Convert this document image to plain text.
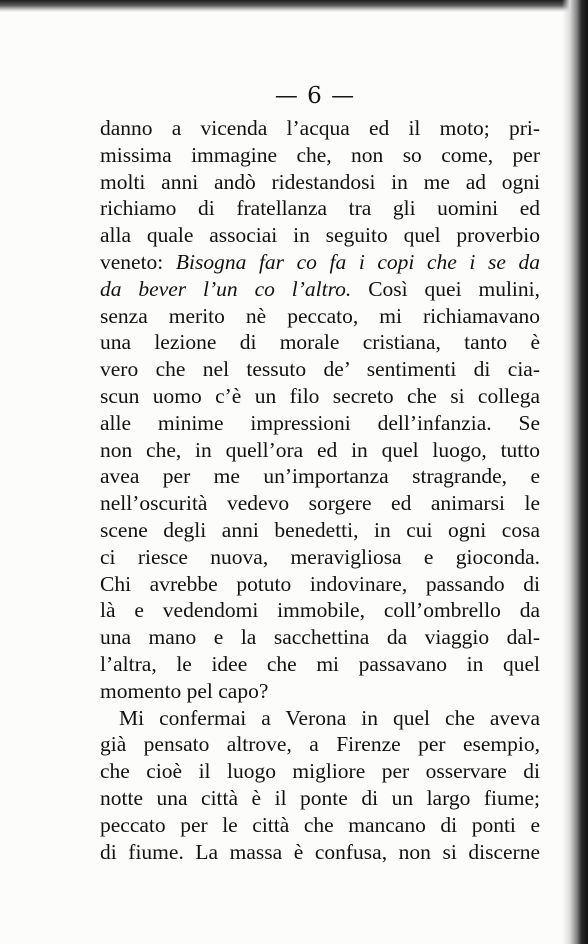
— 6 —
danno a vicenda l’acqua ed il moto; pri-
missima immagine che, non so come, per
molti anni andò ridestandosi in me ad ogni
richiamo di fratellanza tra gli uomini ed
alla quale associai in seguito quel proverbio
veneto: Bisogna far co fa i copi che i se da
da bever l’un co l’altro. Così quei mulini,
senza merito nè peccato, mi richiamavano
una lezione di morale cristiana, tanto è
vero che nel tessuto de’ sentimenti di cia-
scun uomo c’è un filo secreto che si collega
alle minime impressioni dell’infanzia. Se
non che, in quell’ora ed in quel luogo, tutto
avea per me un’importanza stragrande, e
nell’oscurità vedevo sorgere ed animarsi le
scene degli anni benedetti, in cui ogni cosa
ci riesce nuova, meravigliosa e gioconda.
Chi avrebbe potuto indovinare, passando di
là e vedendomi immobile, coll’ombrello da
una mano e la sacchettina da viaggio dal-
l’altra, le idee che mi passavano in quel
momento pel capo?
Mi confermai a Verona in quel che aveva
già pensato altrove, a Firenze per esempio,
che cioè il luogo migliore per osservare di
notte una città è il ponte di un largo fiume;
peccato per le città che mancano di ponti e
di fiume. La massa è confusa, non si discerne
